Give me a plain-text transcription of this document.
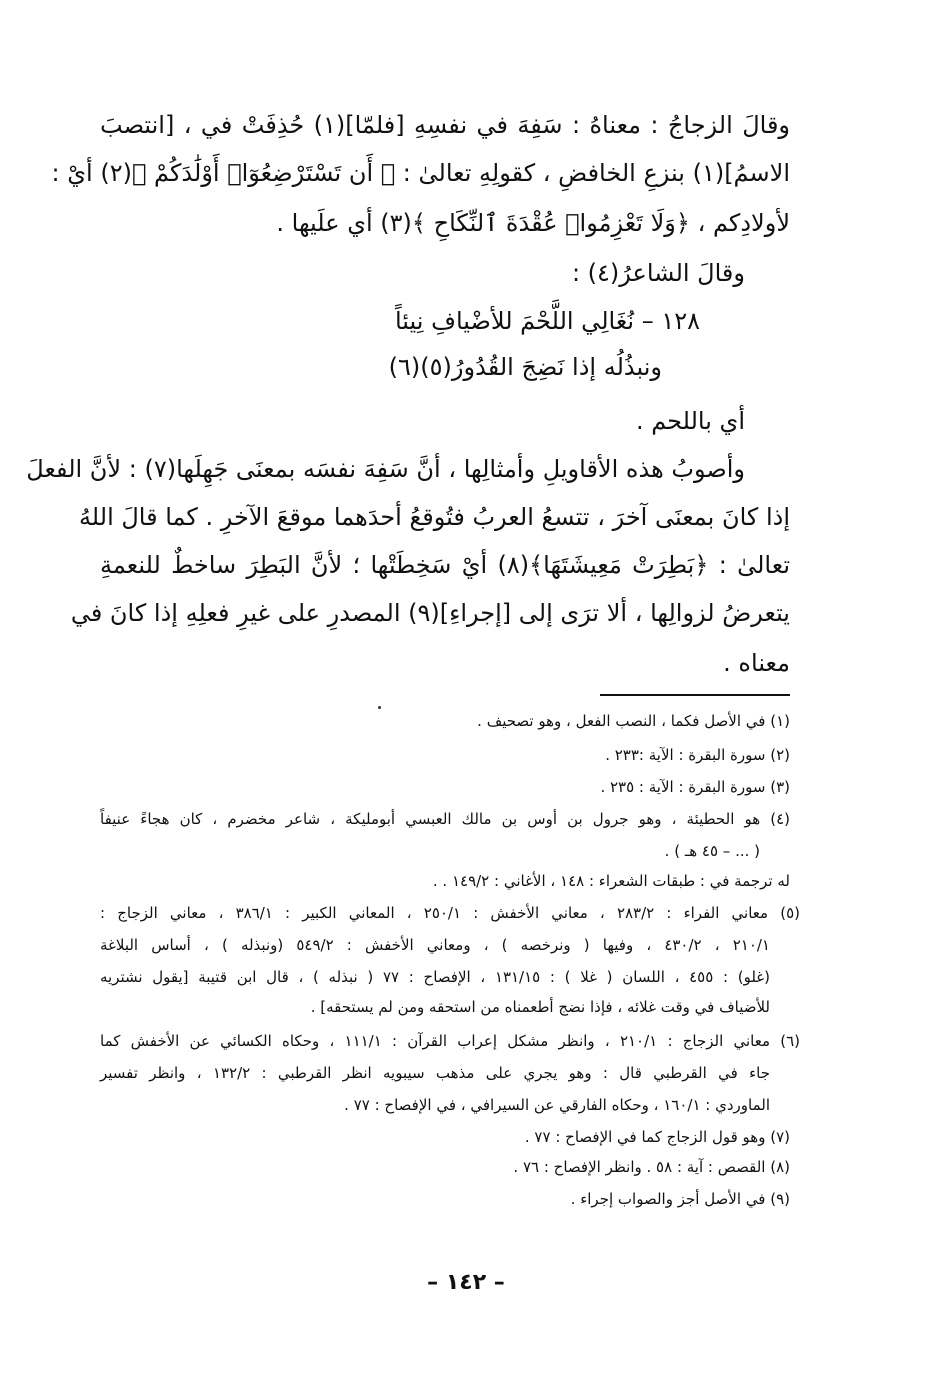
وقالَ الزجاجُ : معناهُ : سَفِهَ في نفسِهِ [فلمّا](١) حُذِفَتْ في ، [انتصبَ

الاسمُ](١) بنزعِ الخافضِ ، كقولِهِ تعالىٰ : ﴿ أَن تَسْتَرْضِعُوٓا۟ أَوْلَٰدَكُمْ ﴾(٢) أيْ :

لأولادِكم ، ﴿وَلَا تَعْزِمُوا۟ عُقْدَةَ ٱلنِّكَاحِ ﴾(٣) أي علَيها .

وقالَ الشاعرُ(٤) :

١٢٨ – نُغَالِي اللَّحْمَ للأضْيافِ نِيئاً

ونبذُلُه إذا نَضِجَ القُدُورُ(٥)(٦)

أي باللحم .

وأصوبُ هذه الأقاويلِ وأمثالِها ، أنَّ سَفِهَ نفسَه بمعنَى جَهِلَها(٧) : لأنَّ الفعلَ

إذا كانَ بمعنَى آخرَ ، تتسعُ العربُ فتُوقعُ أحدَهما موقعَ الآخرِ . كما قالَ اللهُ

تعالىٰ : ﴿بَطِرَتْ مَعِيشَتَهَا﴾(٨) أيْ سَخِطَتْها ؛ لأنَّ البَطِرَ ساخطٌ للنعمةِ

يتعرضُ لزوالِها ، ألا ترَى إلى [إجراءِ](٩) المصدرِ على غيرِ فعلِهِ إذا كانَ في

معناه .

(١) في الأصل فكما ، النصب الفعل ، وهو تصحيف .

(٢) سورة البقرة : الآية :٢٣٣ .

(٣) سورة البقرة : الآية : ٢٣٥ .

(٤) هو الحطيئة ، وهو جرول بن أوس بن مالك العبسي أبومليكة ، شاعر مخضرم ، كان هجاءً عنيفاً

( ... – ٤٥ هـ ) .

له ترجمة في : طبقات الشعراء : ١٤٨ ، الأغاني : ١٤٩/٢ . .

(٥) معاني الفراء : ٢٨٣/٢ ، معاني الأخفش : ٢٥٠/١ ، المعاني الكبير : ٣٨٦/١ ، معاني الزجاج :

٢١٠/١ ، ٤٣٠/٢ ، وفيها ( ونرخصه ) ، ومعاني الأخفش : ٥٤٩/٢ (ونبذله ) ، أساس البلاغة

(غلو) : ٤٥٥ ، اللسان ( غلا ) : ١٣١/١٥ ، الإفصاح : ٧٧ ( نبذله ) ، قال ابن قتيبة [يقول نشتريه

للأضياف في وقت غلائه ، فإذا نضج أطعمناه من استحقه ومن لم يستحقه] .

(٦) معاني الزجاج : ٢١٠/١ ، وانظر مشكل إعراب القرآن : ١١١/١ ، وحكاه الكسائي عن الأخفش كما

جاء في القرطبي قال : وهو يجري على مذهب سيبويه انظر القرطبي : ١٣٢/٢ ، وانظر تفسير

الماوردي : ١٦٠/١ ، وحكاه الفارقي عن السيرافي ، في الإفصاح : ٧٧ .

(٧) وهو قول الزجاج كما في الإفصاح : ٧٧ .

(٨) القصص : آية : ٥٨ . وانظر الإفصاح : ٧٦ .

(٩) في الأصل أجز والصواب إجراء .

– ١٤٢ –
